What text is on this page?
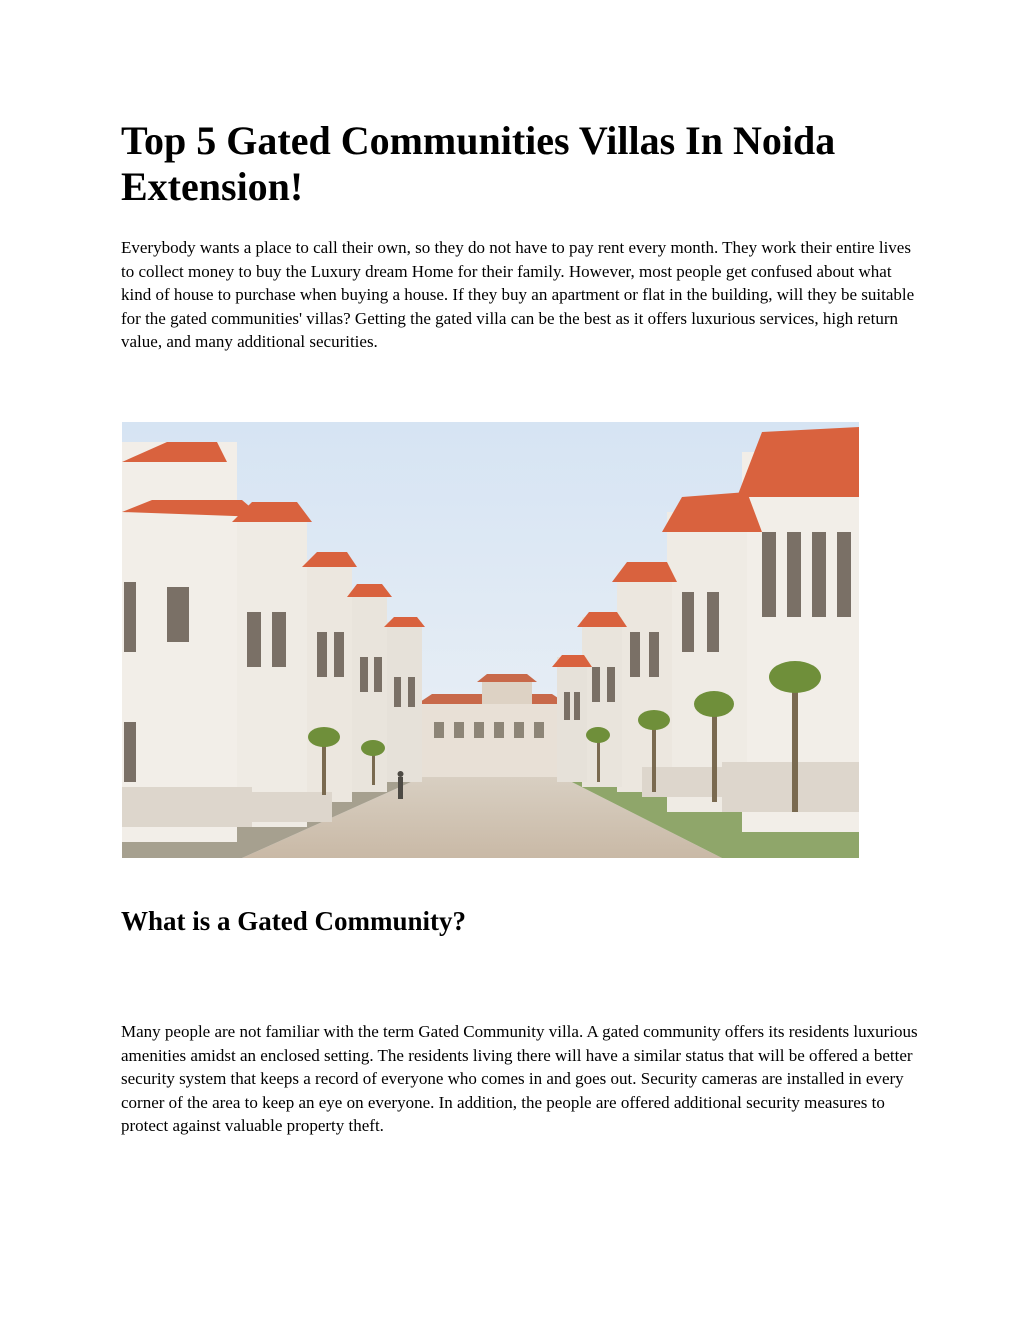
Top 5 Gated Communities Villas In Noida Extension!

Everybody wants a place to call their own, so they do not have to pay rent every month. They work their entire lives to collect money to buy the Luxury dream Home for their family. However, most people get confused about what kind of house to purchase when buying a house. If they buy an apartment or flat in the building, will they be suitable for the gated communities' villas? Getting the gated villa can be the best as it offers luxurious services, high return value, and many additional securities.

What is a Gated Community?

Many people are not familiar with the term Gated Community villa. A gated community offers its residents luxurious amenities amidst an enclosed setting. The residents living there will have a similar status that will be offered a better security system that keeps a record of everyone who comes in and goes out. Security cameras are installed in every corner of the area to keep an eye on everyone. In addition, the people are offered additional security measures to protect against valuable property theft.
